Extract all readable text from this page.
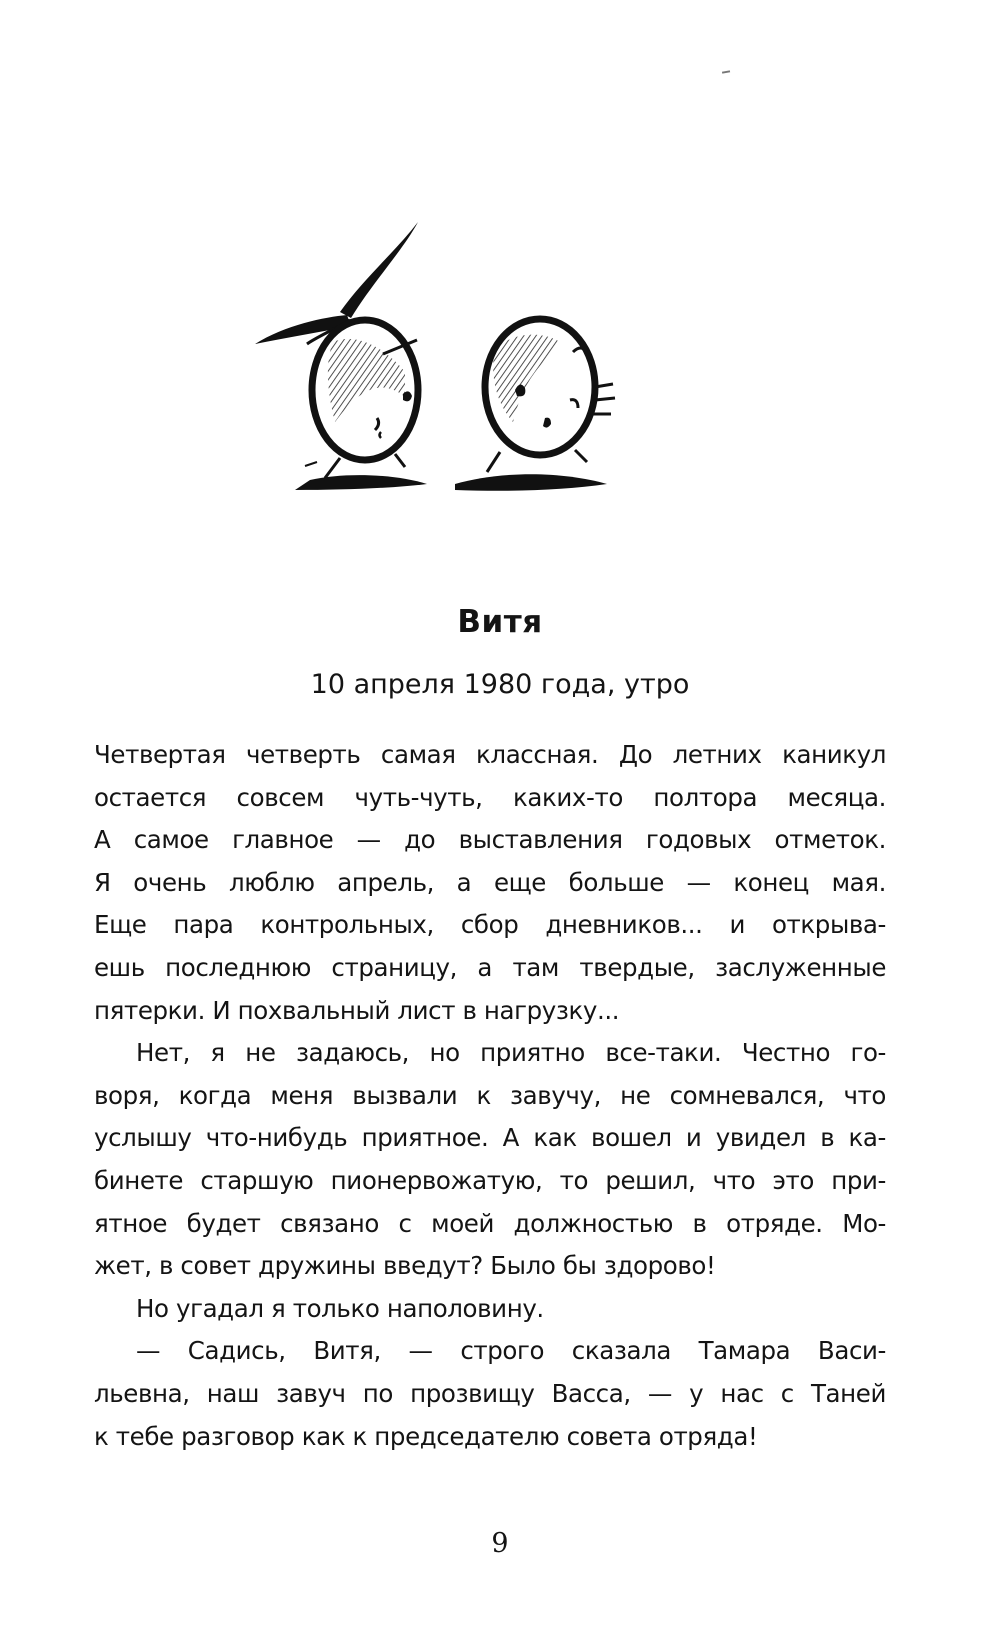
Витя
10 апреля 1980 года, утро
Четвертая четверть самая классная. До летних каникул
остается совсем чуть-чуть, каких-то полтора месяца.
А самое главное — до выставления годовых отметок.
Я очень люблю апрель, а еще больше — конец мая.
Еще пара контрольных, сбор дневников... и открыва-
ешь последнюю страницу, а там твердые, заслуженные
пятерки. И похвальный лист в нагрузку...
Нет, я не задаюсь, но приятно все-таки. Честно го-
воря, когда меня вызвали к завучу, не сомневался, что
услышу что-нибудь приятное. А как вошел и увидел в ка-
бинете старшую пионервожатую, то решил, что это при-
ятное будет связано с моей должностью в отряде. Мо-
жет, в совет дружины введут? Было бы здорово!
Но угадал я только наполовину.
— Садись, Витя, — строго сказала Тамара Васи-
льевна, наш завуч по прозвищу Васса, — у нас с Таней
к тебе разговор как к председателю совета отряда!
9
